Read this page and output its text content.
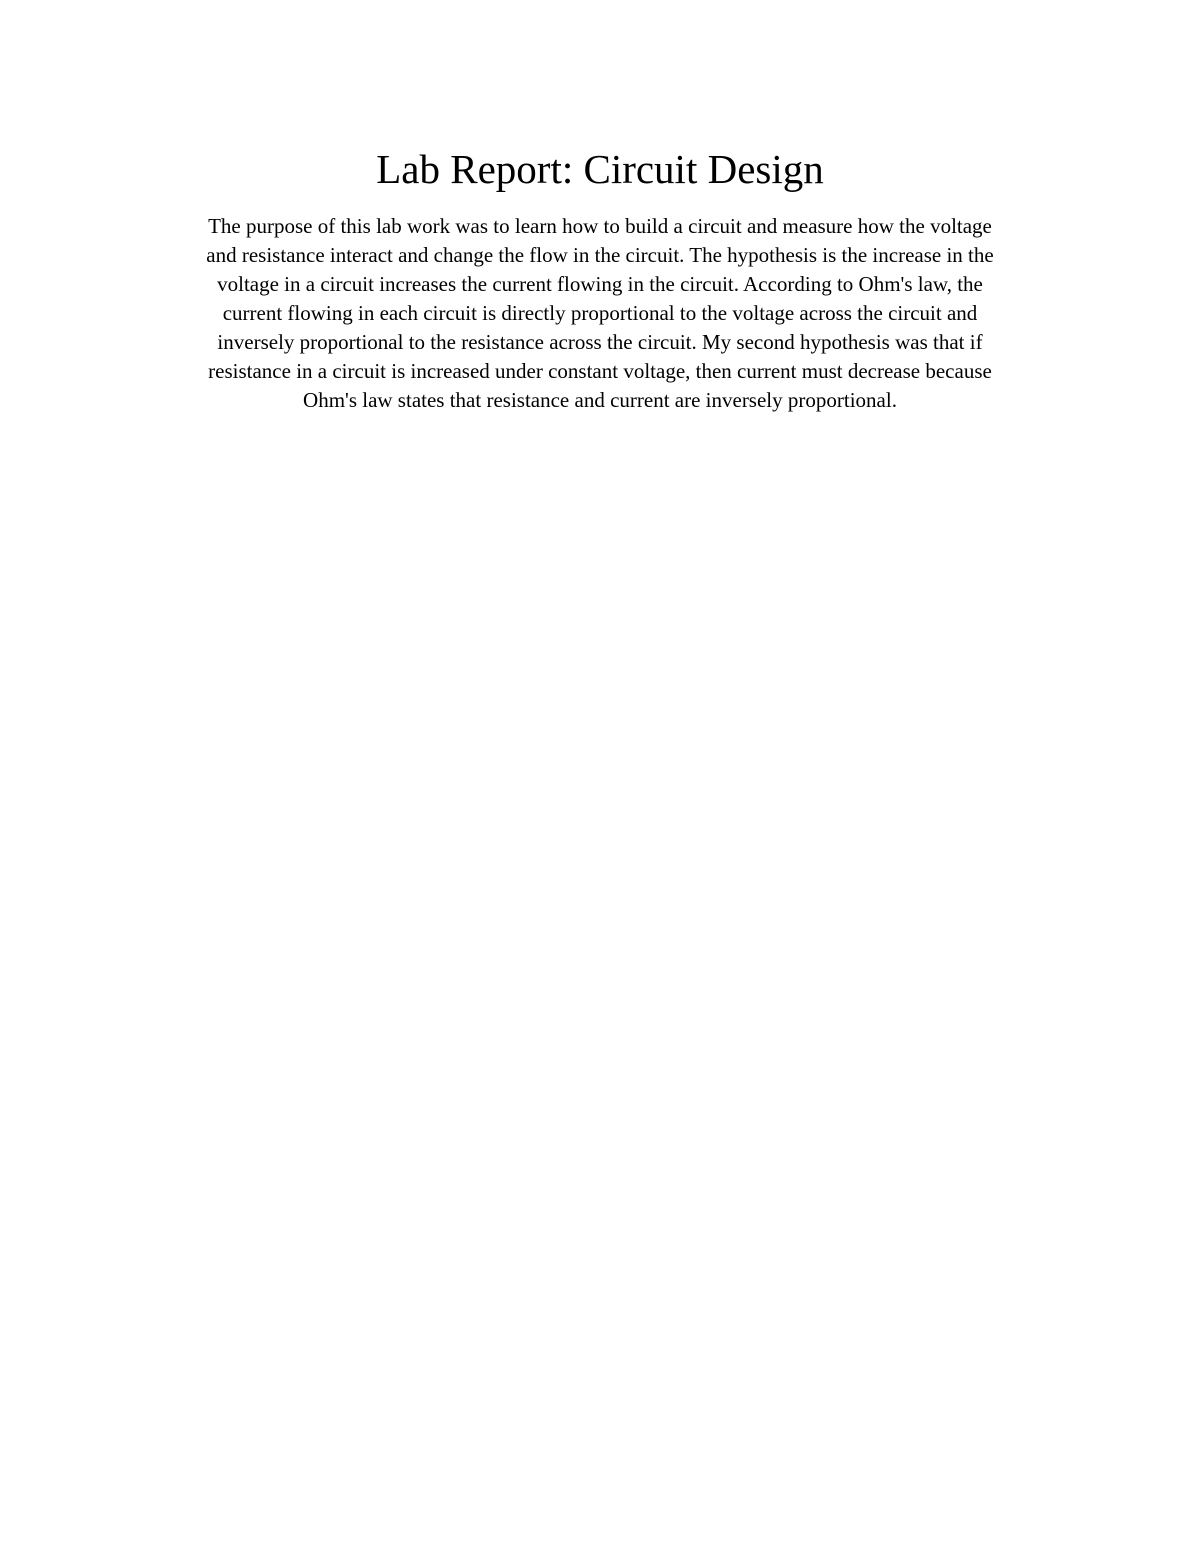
Lab Report: Circuit Design

The purpose of this lab work was to learn how to build a circuit and measure how the voltage
and resistance interact and change the flow in the circuit. The hypothesis is the increase in the
voltage in a circuit increases the current flowing in the circuit. According to Ohm's law, the
current flowing in each circuit is directly proportional to the voltage across the circuit and
inversely proportional to the resistance across the circuit. My second hypothesis was that if
resistance in a circuit is increased under constant voltage, then current must decrease because
Ohm's law states that resistance and current are inversely proportional.
